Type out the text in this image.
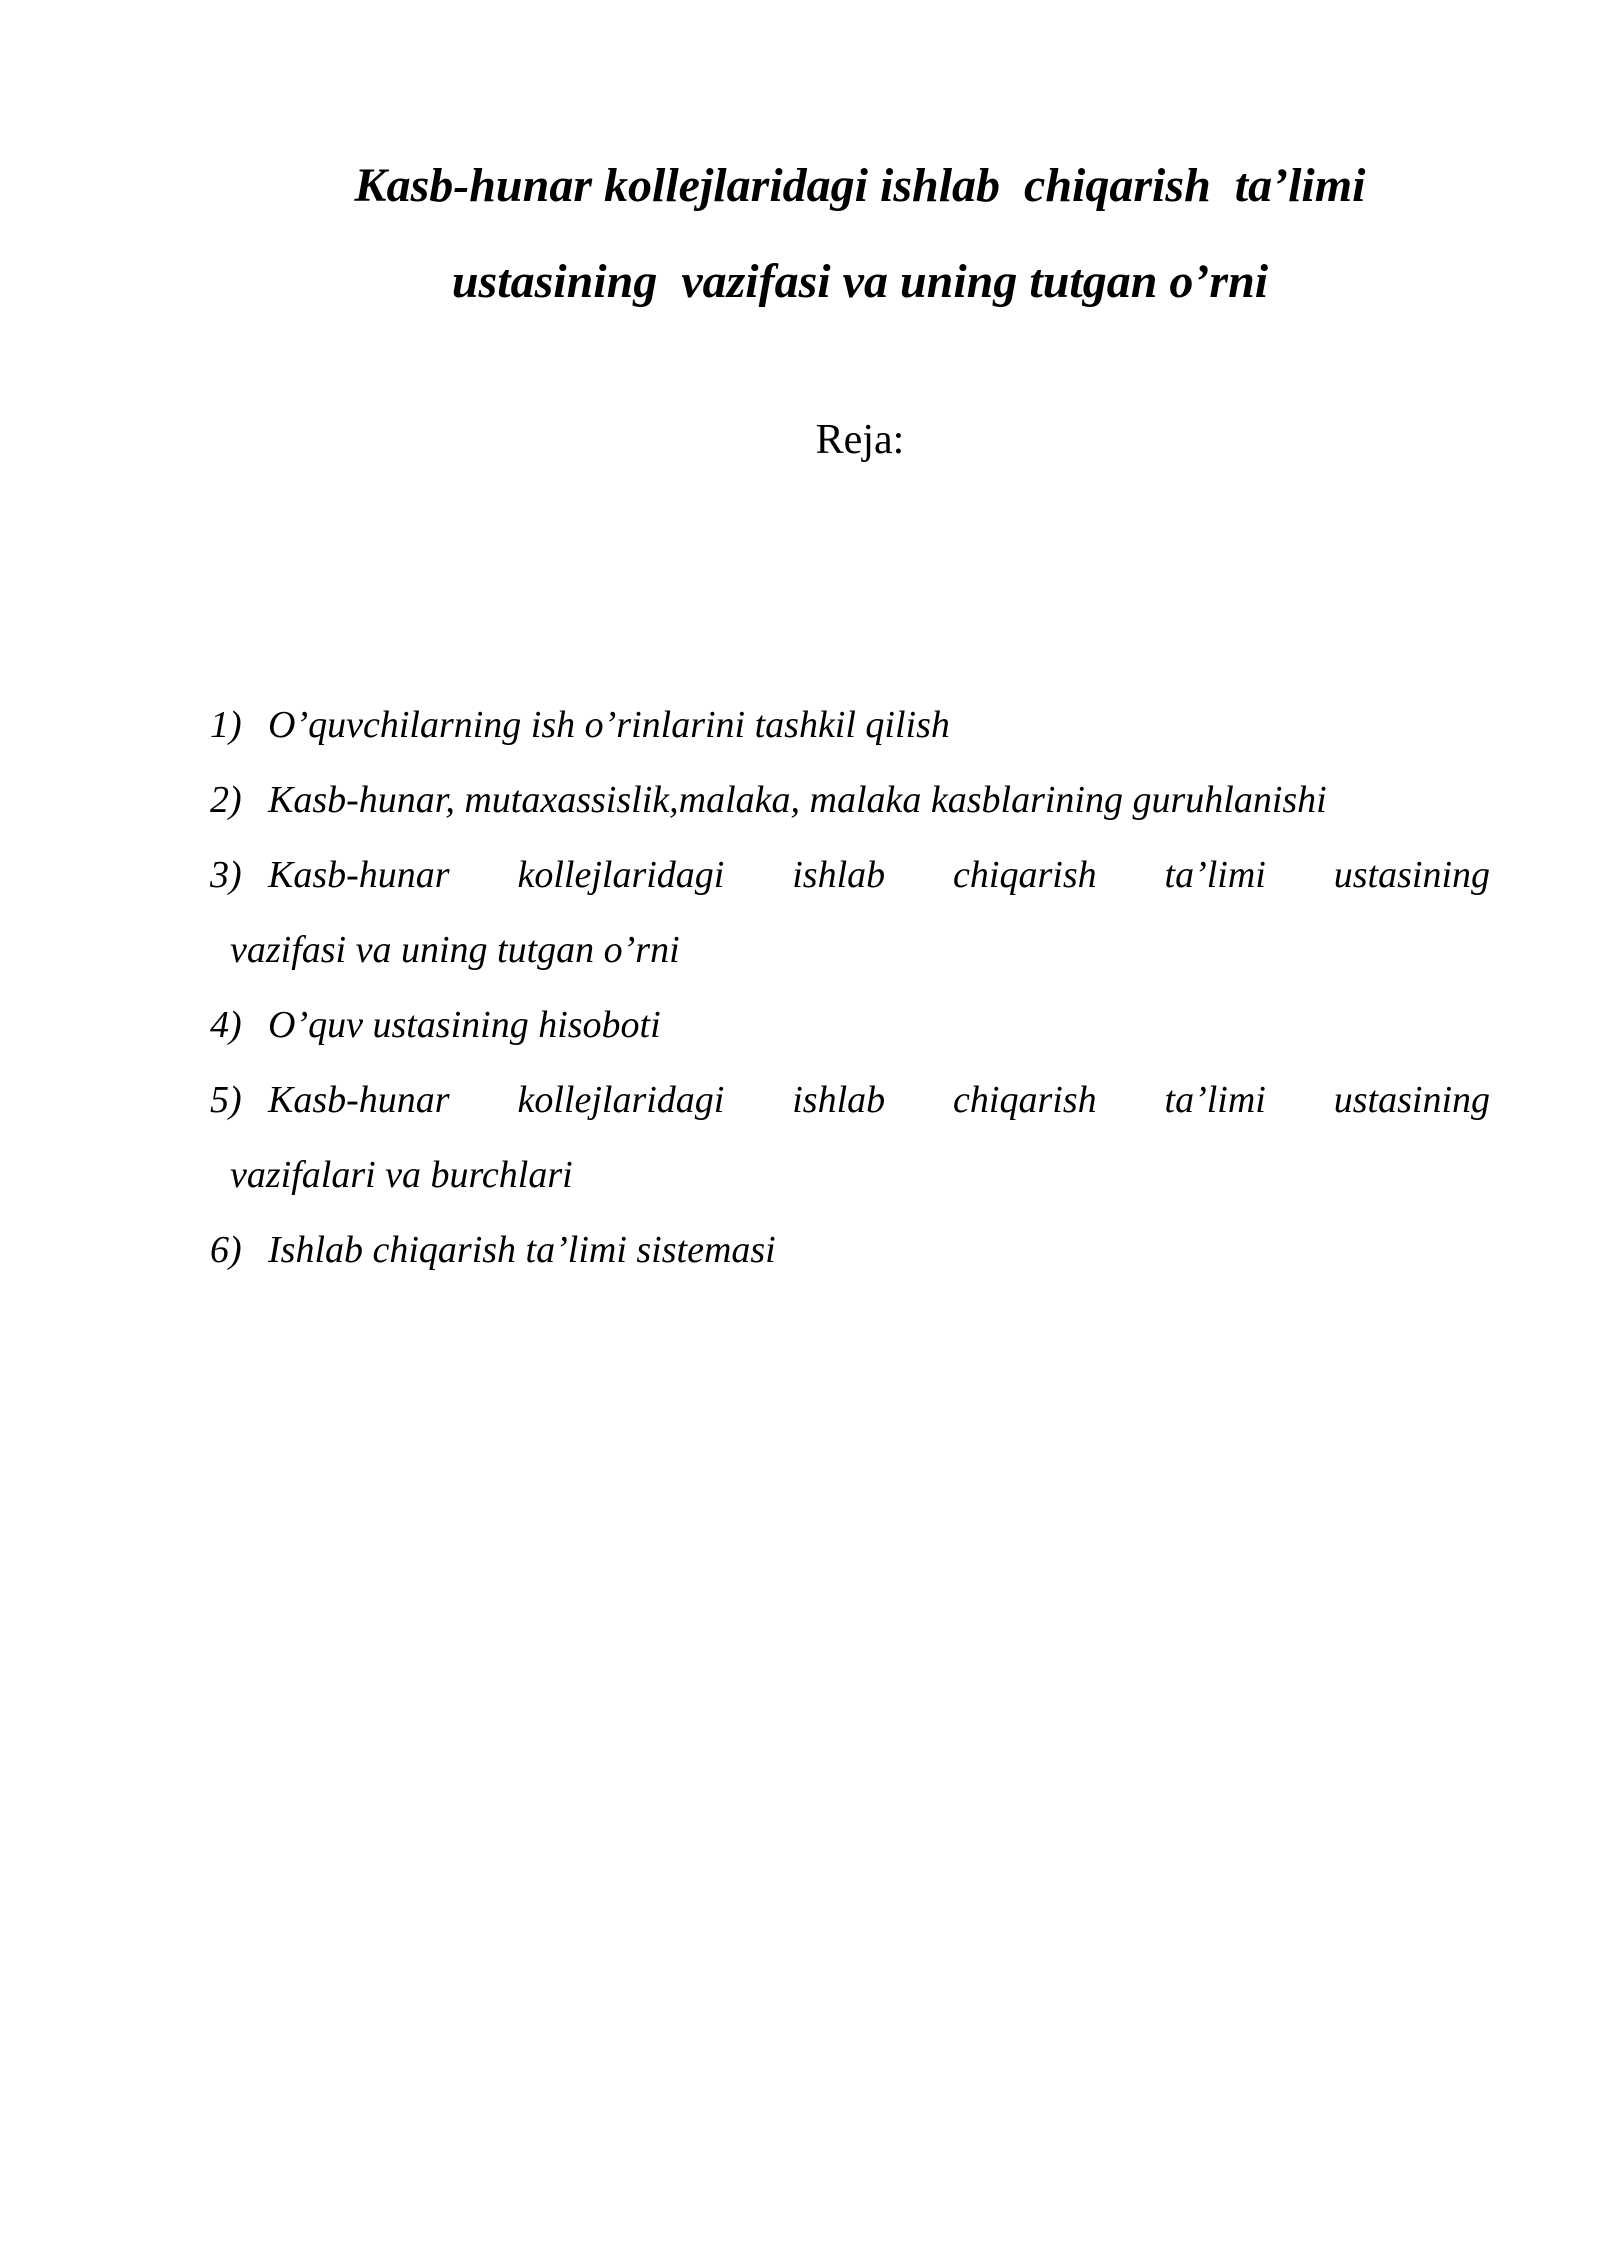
Kasb-hunar kollejlaridagi ishlab  chiqarish  ta’limi
ustasining  vazifasi va uning tutgan o’rni

Reja:

1) O’quvchilarning ish o’rinlarini tashkil qilish
2) Kasb-hunar, mutaxassislik,malaka, malaka kasblarining guruhlanishi
3) Kasb-hunar kollejlaridagi ishlab chiqarish ta’limi ustasining
vazifasi va uning tutgan o’rni
4) O’quv ustasining hisoboti
5) Kasb-hunar kollejlaridagi ishlab chiqarish ta’limi ustasining
vazifalari va burchlari
6) Ishlab chiqarish ta’limi sistemasi
